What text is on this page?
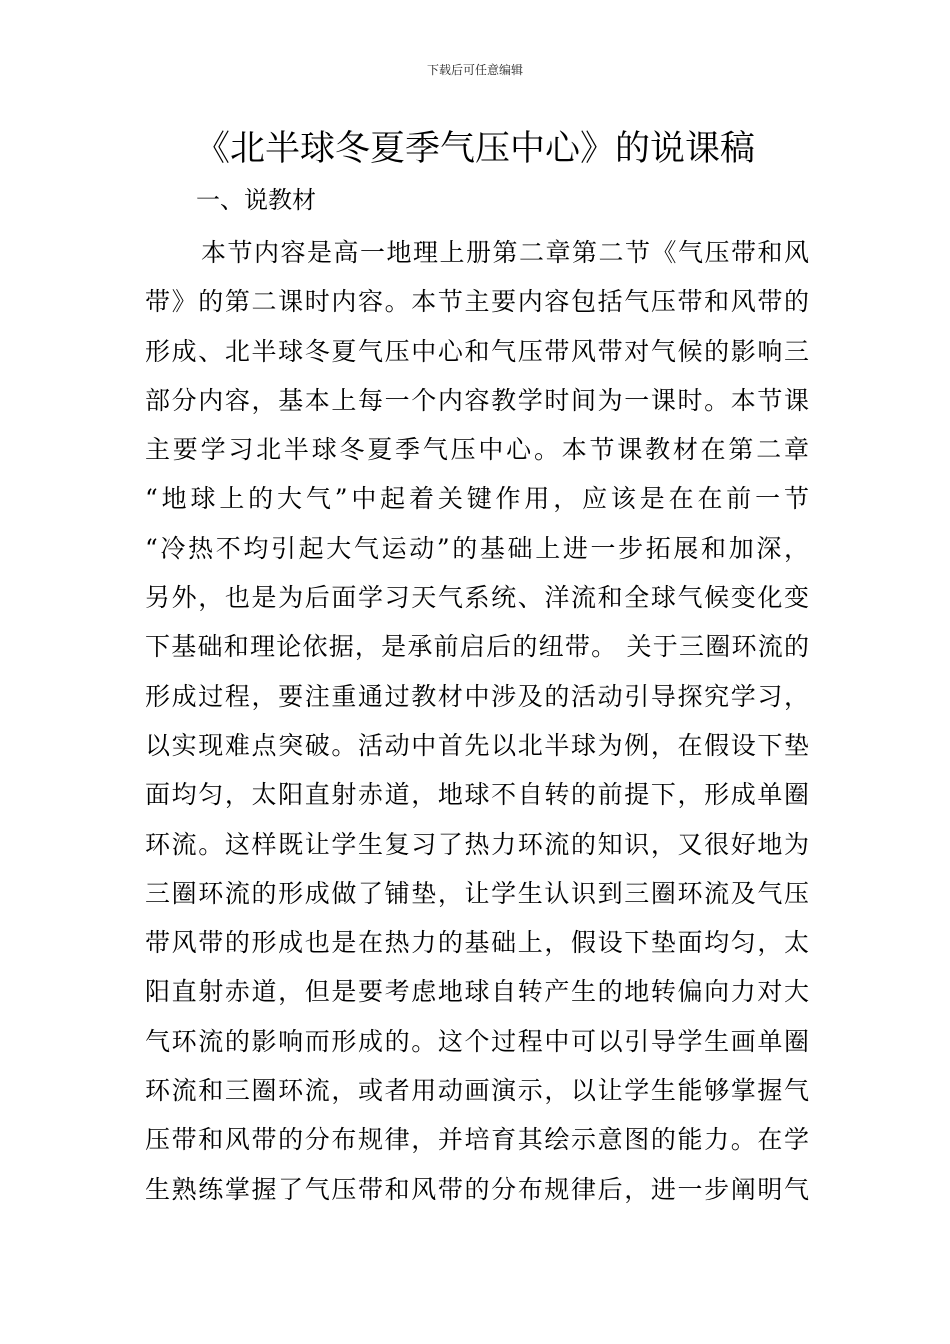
下载后可任意编辑
《北半球冬夏季气压中心》的说课稿
一、说教材
本节内容是高一地理上册第二章第二节《气压带和风
带》的第二课时内容。本节主要内容包括气压带和风带的
形成、北半球冬夏气压中心和气压带风带对气候的影响三
部分内容，基本上每一个内容教学时间为一课时。本节课
主要学习北半球冬夏季气压中心。本节课教材在第二章
“地球上的大气”中起着关键作用，应该是在在前一节
“冷热不均引起大气运动”的基础上进一步拓展和加深，
另外，也是为后面学习天气系统、洋流和全球气候变化变
下基础和理论依据，是承前启后的纽带。 关于三圈环流的
形成过程，要注重通过教材中涉及的活动引导探究学习，
以实现难点突破。活动中首先以北半球为例，在假设下垫
面均匀，太阳直射赤道，地球不自转的前提下，形成单圈
环流。这样既让学生复习了热力环流的知识，又很好地为
三圈环流的形成做了铺垫，让学生认识到三圈环流及气压
带风带的形成也是在热力的基础上，假设下垫面均匀，太
阳直射赤道，但是要考虑地球自转产生的地转偏向力对大
气环流的影响而形成的。这个过程中可以引导学生画单圈
环流和三圈环流，或者用动画演示，以让学生能够掌握气
压带和风带的分布规律，并培育其绘示意图的能力。在学
生熟练掌握了气压带和风带的分布规律后，进一步阐明气
